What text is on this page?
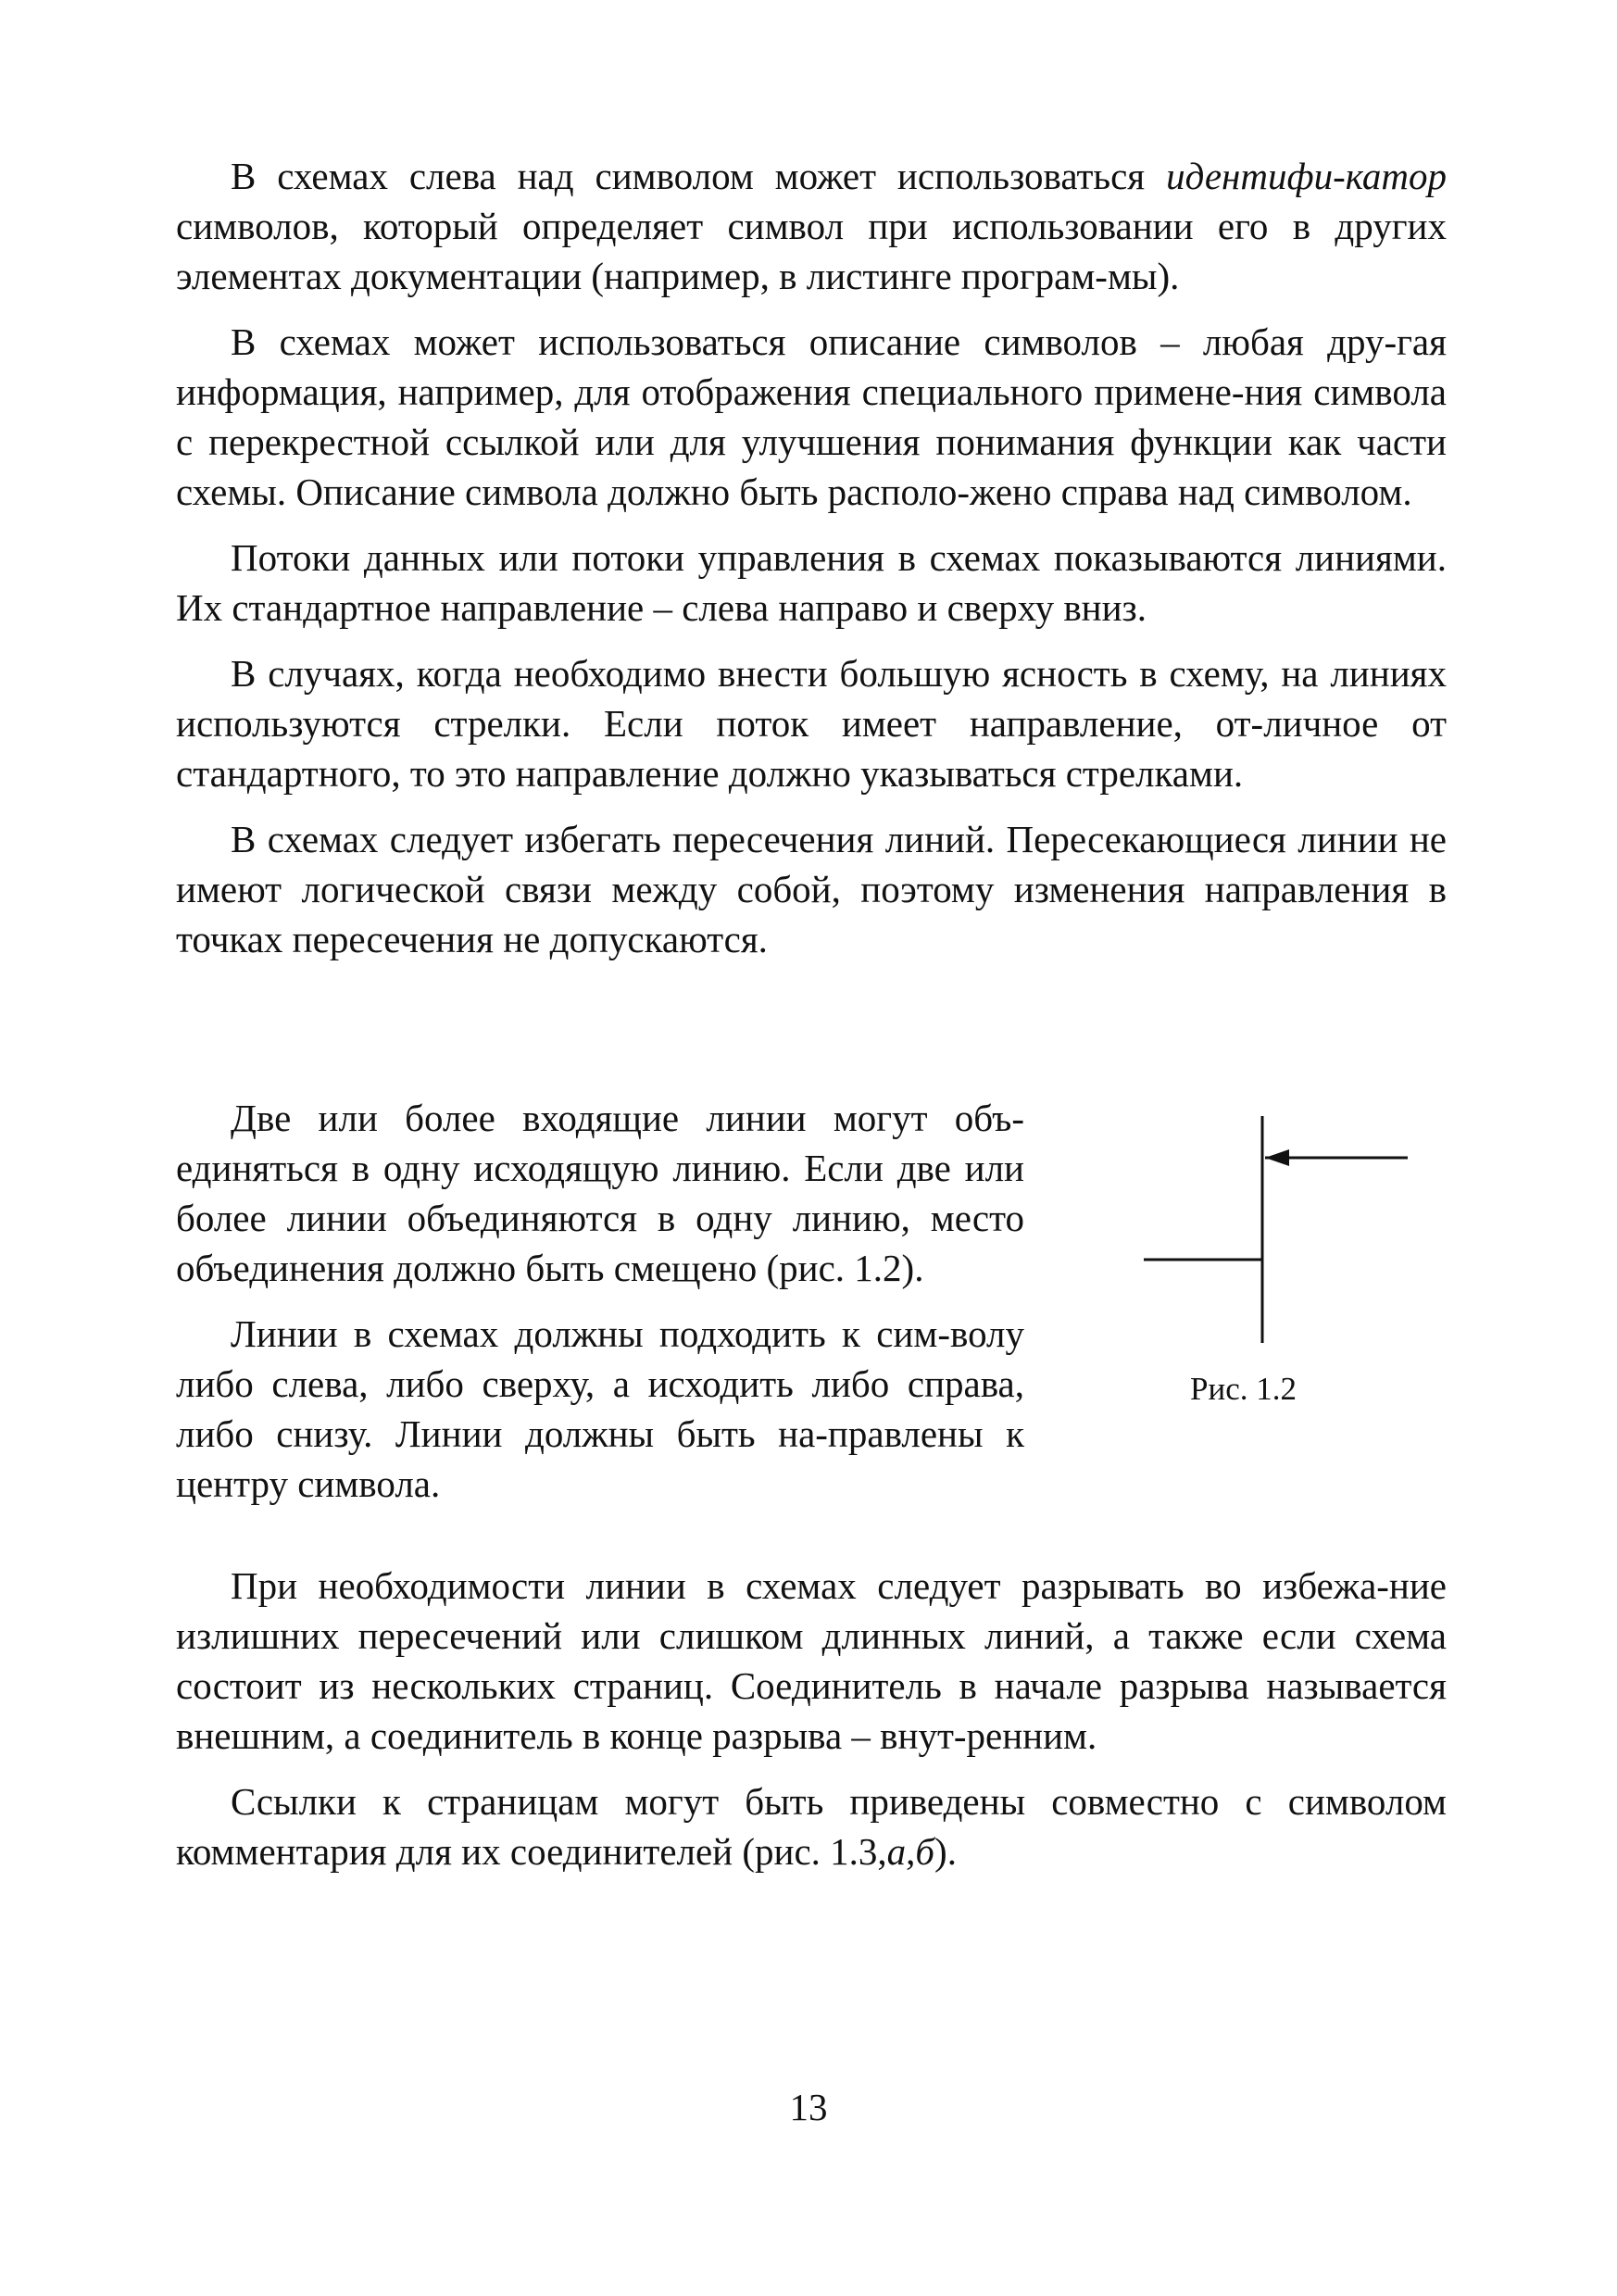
В схемах слева над символом может использоваться идентифи-катор символов, который определяет символ при использовании его в других элементах документации (например, в листинге програм-мы).

В схемах может использоваться описание символов – любая дру-гая информация, например, для отображения специального примене-ния символа с перекрестной ссылкой или для улучшения понимания функции как части схемы. Описание символа должно быть располо-жено справа над символом.

Потоки данных или потоки управления в схемах показываются линиями. Их стандартное направление – слева направо и сверху вниз.

В случаях, когда необходимо внести большую ясность в схему, на линиях используются стрелки. Если поток имеет направление, от-личное от стандартного, то это направление должно указываться стрелками.

В схемах следует избегать пересечения линий. Пересекающиеся линии не имеют логической связи между собой, поэтому изменения направления в точках пересечения не допускаются.

Две или более входящие линии могут объ-единяться в одну исходящую линию. Если две или более линии объединяются в одну линию, место объединения должно быть смещено (рис. 1.2).

Линии в схемах должны подходить к сим-волу либо слева, либо сверху, а исходить либо справа, либо снизу. Линии должны быть на-правлены к центру символа.

Рис. 1.2

При необходимости линии в схемах следует разрывать во избежа-ние излишних пересечений или слишком длинных линий, а также если схема состоит из нескольких страниц. Соединитель в начале разрыва называется внешним, а соединитель в конце разрыва – внут-ренним.

Ссылки к страницам могут быть приведены совместно с символом комментария для их соединителей (рис. 1.3,а,б).

13
